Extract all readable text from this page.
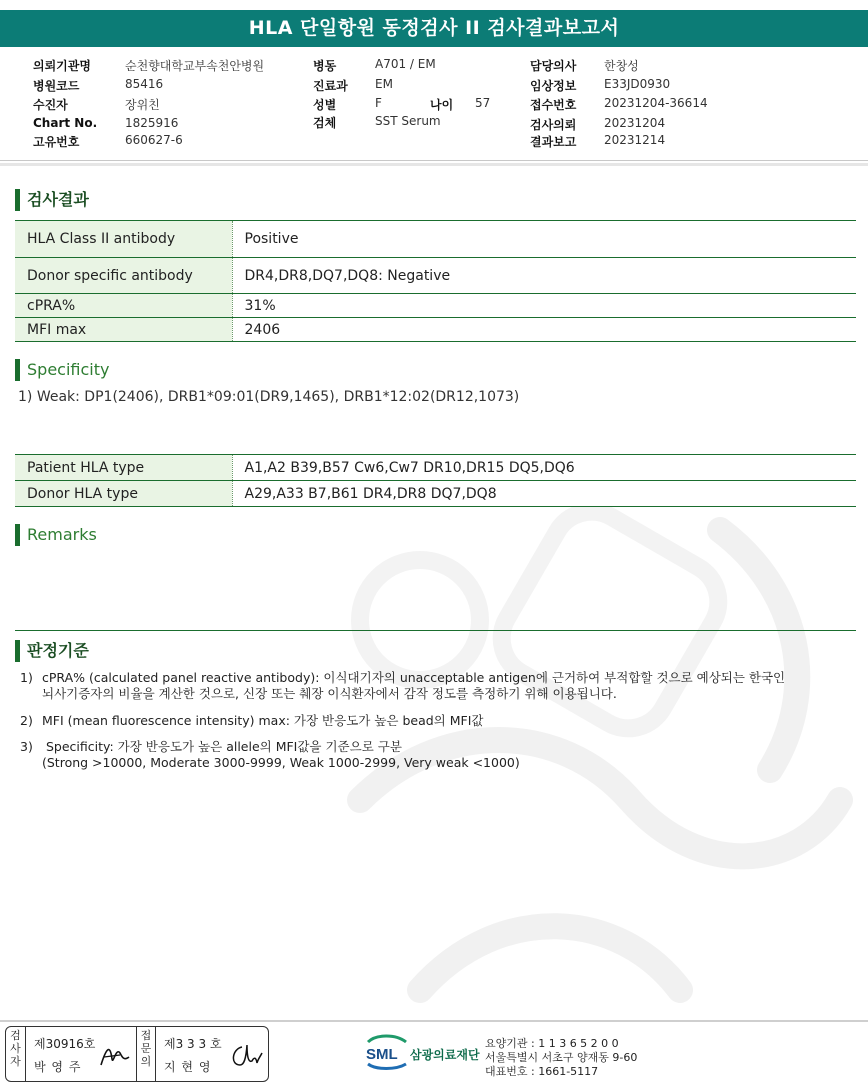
HLA 단일항원 동정검사 II 검사결과보고서
의뢰기관명	순천향대학교부속천안병원
병원코드	85416
수진자	장위친
Chart No. 1825916
고유번호	660627-6
병동	A701 / EM
진료과 EM
성별	F	나이 57
검체	SST Serum
담당의사 한창성
임상정보 E33JD0930
접수번호 20231204-36614
검사의뢰 20231204
결과보고 20231214
검사결과
HLA Class II antibody	Positive
Donor specific antibody	DR4,DR8,DQ7,DQ8: Negative
cPRA%	31%
MFI max	2406
Specificity
1) Weak: DP1(2406), DRB1*09:01(DR9,1465), DRB1*12:02(DR12,1073)
Patient HLA type	A1,A2 B39,B57 Cw6,Cw7 DR10,DR15 DQ5,DQ6
Donor HLA type	A29,A33 B7,B61 DR4,DR8 DQ7,DQ8
Remarks
판정기준
1) cPRA% (calculated panel reactive antibody): 이식대기자의 unacceptable antigen에 근거하여 부적합할 것으로 예상되는 한국인
뇌사기증자의 비율을 계산한 것으로, 신장 또는 췌장 이식환자에서 감작 정도를 측정하기 위해 이용됩니다.
2) MFI (mean fluorescence intensity) max: 가장 반응도가 높은 bead의 MFI값
3) Specificity: 가장 반응도가 높은 allele의 MFI값을 기준으로 구분
(Strong >10000, Moderate 3000-9999, Weak 1000-2999, Very weak <1000)
검사자
제30916호
박 영 주
접문의
제3 3 3 호
지 현 영
SML 삼광의료재단
요양기관 : 1 1 3 6 5 2 0 0
서울특별시 서초구 양재동 9-60
대표번호 : 1661-5117
